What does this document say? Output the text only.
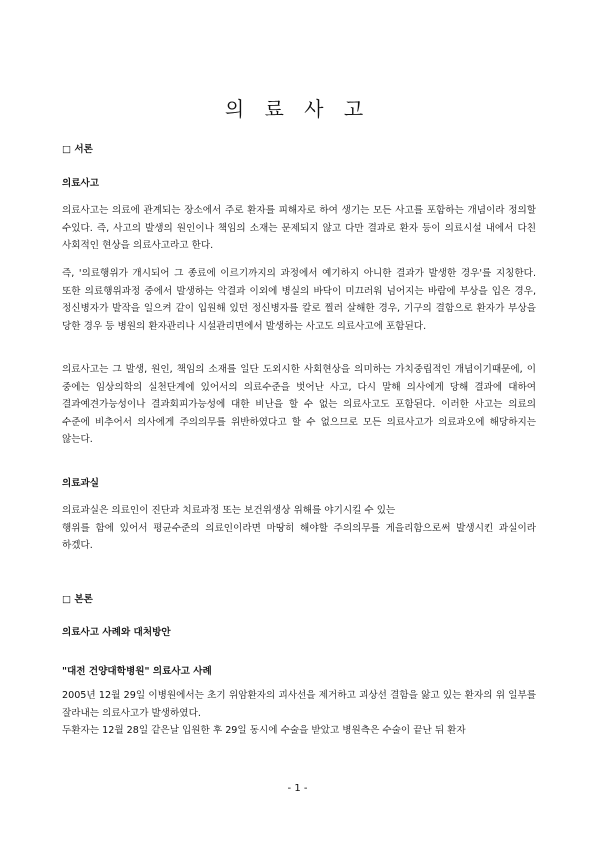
의 료 사 고
□ 서론
의료사고
의료사고는 의료에 관계되는 장소에서 주로 환자를 피해자로 하여 생기는 모든 사고를 포함하는 개념이라 정의할 수있다. 즉, 사고의 발생의 원인이나 책임의 소재는 문제되지 않고 다만 결과로 환자 등이 의료시설 내에서 다친 사회적인 현상을 의료사고라고 한다.
즉, '의료행위가 개시되어 그 종료에 이르기까지의 과정에서 예기하지 아니한 결과가 발생한 경우'를 지칭한다. 또한 의료행위과정 중에서 발생하는 악결과 이외에 병실의 바닥이 미끄러워 넘어지는 바람에 부상을 입은 경우, 정신병자가 발작을 일으켜 같이 입원해 있던 정신병자를 칼로 찔러 살해한 경우, 기구의 결함으로 환자가 부상을 당한 경우 등 병원의 환자관리나 시설관리면에서 발생하는 사고도 의료사고에 포함된다.
의료사고는 그 발생, 원인, 책임의 소재를 일단 도외시한 사회현상을 의미하는 가치중립적인 개념이기때문에, 이 중에는 임상의학의 실천단계에 있어서의 의료수준을 벗어난 사고, 다시 말해 의사에게 당해 결과에 대하여 결과예견가능성이나 결과회피가능성에 대한 비난을 할 수 없는 의료사고도 포함된다. 이러한 사고는 의료의 수준에 비추어서 의사에게 주의의무를 위반하였다고 할 수 없으므로 모든 의료사고가 의료과오에 해당하지는 않는다.
의료과실
의료과실은 의료인이 진단과 치료과정 또는 보건위생상 위해를 야기시킬 수 있는
행위를 함에 있어서 평균수준의 의료인이라면 마땅히 해야할 주의의무를 게을리함으로써 발생시킨 과실이라 하겠다.
□ 본론
의료사고 사례와 대처방안
"대전 건양대학병원" 의료사고 사례
2005년 12월 29일 이병원에서는 초기 위암환자의 괴사선을 제거하고 괴상선 결함을 앓고 있는 환자의 위 일부를 잘라내는 의료사고가 발생하였다.
두환자는 12월 28일 같은날 입원한 후 29일 동시에 수술을 받았고 병원측은 수술이 끝난 뒤 환자
- 1 -
